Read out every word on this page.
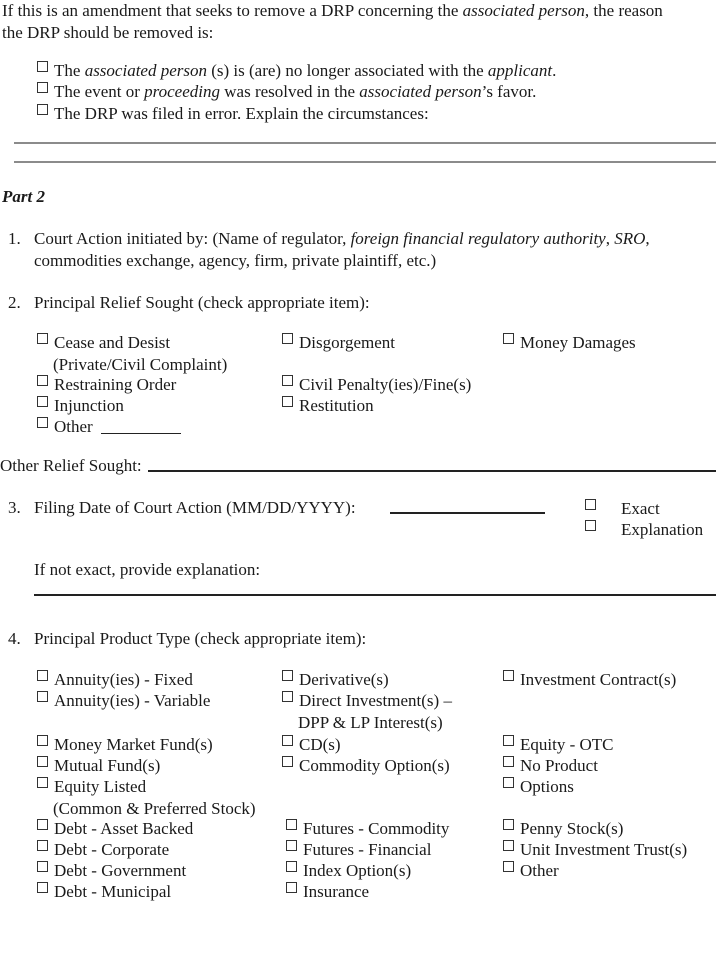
If this is an amendment that seeks to remove a DRP concerning the associated person, the reason
the DRP should be removed is:

The associated person (s) is (are) no longer associated with the applicant.
The event or proceeding was resolved in the associated person’s favor.
The DRP was filed in error. Explain the circumstances:
Part 2
1. Court Action initiated by: (Name of regulator, foreign financial regulatory authority, SRO,
commodities exchange, agency, firm, private plaintiff, etc.)

2. Principal Relief Sought (check appropriate item):
Cease and Desist
(Private/Civil Complaint)
Restraining Order
Injunction
Other
Disgorgement
Civil Penalty(ies)/Fine(s)
Restitution
Money Damages
Other Relief Sought:
3. Filing Date of Court Action (MM/DD/YYYY):	Exact
Explanation
If not exact, provide explanation:
4. Principal Product Type (check appropriate item):
Annuity(ies) - Fixed
Annuity(ies) - Variable
Derivative(s)
Direct Investment(s) –
DPP & LP Interest(s)
Investment Contract(s)
Money Market Fund(s)
Mutual Fund(s)
Equity Listed
(Common & Preferred Stock)
CD(s)
Commodity Option(s)
Equity - OTC
No Product
Options
Debt - Asset Backed
Debt - Corporate
Debt - Government
Debt - Municipal
Futures - Commodity
Futures - Financial
Index Option(s)
Insurance
Penny Stock(s)
Unit Investment Trust(s)
Other
